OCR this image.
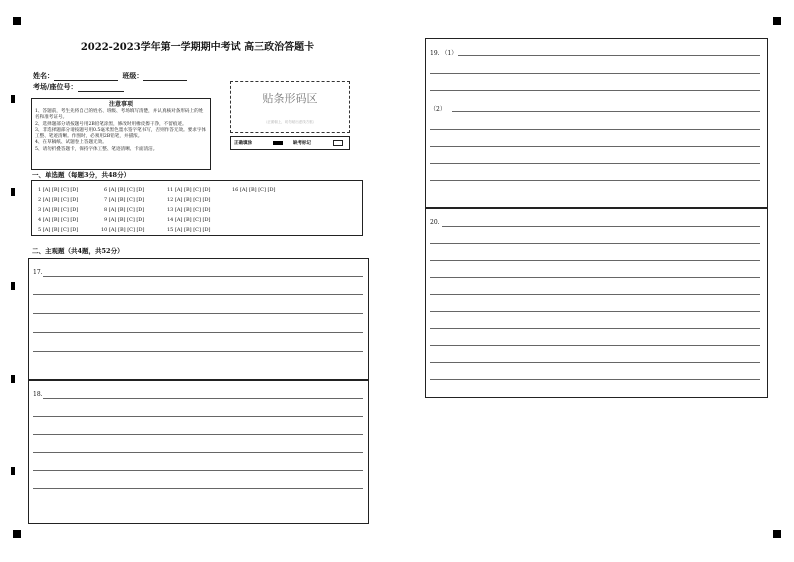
2022-2023学年第一学期期中考试 高三政治答题卡
姓名：	班级：
考场/座位号：
注意事项
1、答题前，考生先将自己的姓名、班级、考场填写清楚，并认真核对条形码上的姓名和准考证号。
2、选择题部分请按题号用2B铅笔涂黑，修改时用橡皮擦干净，不留痕迹。
3、非选择题部分请按题号用0.5毫米黑色墨水签字笔书写，否则作答无效。要求字体工整、笔迹清晰。作图时，必须用2B铅笔，并描浓。
4、在草稿纸、试题卷上答题无效。
5、请勿折叠答题卡，保持字体工整、笔迹清晰、卡面清洁。
贴条形码区
（正面朝上，切勿贴出虚线方框）
正确填涂	缺考标记
一、单选题（每题3分，共48分）
1 [A] [B] [C] [D]
2 [A] [B] [C] [D]
3 [A] [B] [C] [D]
4 [A] [B] [C] [D]
5 [A] [B] [C] [D]
6 [A] [B] [C] [D]
7 [A] [B] [C] [D]
8 [A] [B] [C] [D]
9 [A] [B] [C] [D]
10 [A] [B] [C] [D]
11 [A] [B] [C] [D]
12 [A] [B] [C] [D]
13 [A] [B] [C] [D]
14 [A] [B] [C] [D]
15 [A] [B] [C] [D]
16 [A] [B] [C] [D]
二、主观题（共4题，共52分）
17.
18.
19. （1）
（2）
20.
